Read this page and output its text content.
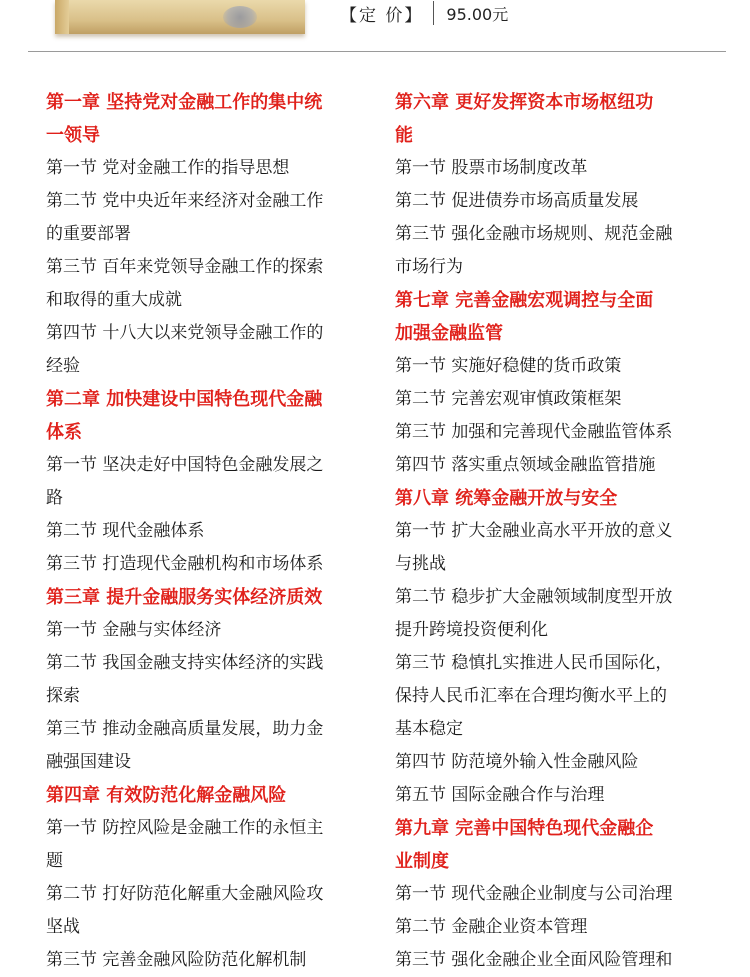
【定 价】 95.00元
第一章 坚持党对金融工作的集中统
一领导
第一节 党对金融工作的指导思想
第二节 党中央近年来经济对金融工作
的重要部署
第三节 百年来党领导金融工作的探索
和取得的重大成就
第四节 十八大以来党领导金融工作的
经验
第二章 加快建设中国特色现代金融
体系
第一节 坚决走好中国特色金融发展之
路
第二节 现代金融体系
第三节 打造现代金融机构和市场体系
第三章 提升金融服务实体经济质效
第一节 金融与实体经济
第二节 我国金融支持实体经济的实践
探索
第三节 推动金融高质量发展，助力金
融强国建设
第四章 有效防范化解金融风险
第一节 防控风险是金融工作的永恒主
题
第二节 打好防范化解重大金融风险攻
坚战
第三节 完善金融风险防范化解机制
第六章 更好发挥资本市场枢纽功
能
第一节 股票市场制度改革
第二节 促进债券市场高质量发展
第三节 强化金融市场规则、规范金融
市场行为
第七章 完善金融宏观调控与全面
加强金融监管
第一节 实施好稳健的货币政策
第二节 完善宏观审慎政策框架
第三节 加强和完善现代金融监管体系
第四节 落实重点领域金融监管措施
第八章 统筹金融开放与安全
第一节 扩大金融业高水平开放的意义
与挑战
第二节 稳步扩大金融领域制度型开放
提升跨境投资便利化
第三节 稳慎扎实推进人民币国际化，
保持人民币汇率在合理均衡水平上的
基本稳定
第四节 防范境外输入性金融风险
第五节 国际金融合作与治理
第九章 完善中国特色现代金融企
业制度
第一节 现代金融企业制度与公司治理
第二节 金融企业资本管理
第三节 强化金融企业全面风险管理和
